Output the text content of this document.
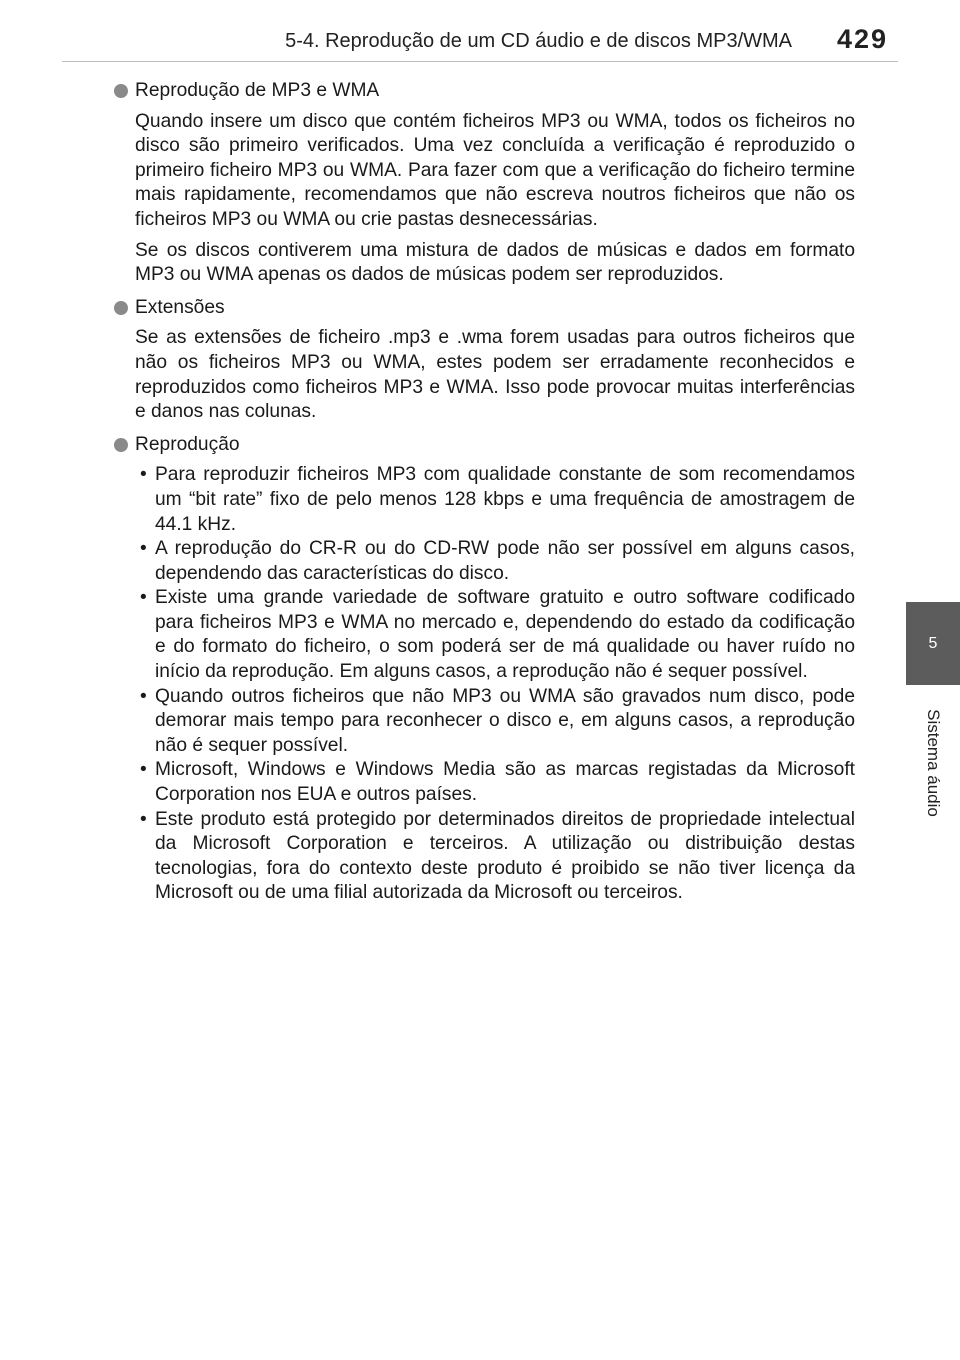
5-4. Reprodução de um CD áudio e de discos MP3/WMA 429
5
Sistema áudio

Reprodução de MP3 e WMA

Quando insere um disco que contém ficheiros MP3 ou WMA, todos os ficheiros no disco são primeiro verificados. Uma vez concluída a verificação é reproduzido o primeiro ficheiro MP3 ou WMA. Para fazer com que a verificação do ficheiro termine mais rapidamente, recomendamos que não escreva noutros ficheiros que não os ficheiros MP3 ou WMA ou crie pastas desnecessárias.

Se os discos contiverem uma mistura de dados de músicas e dados em formato MP3 ou WMA apenas os dados de músicas podem ser reproduzidos.

Extensões

Se as extensões de ficheiro .mp3 e .wma forem usadas para outros ficheiros que não os ficheiros MP3 ou WMA, estes podem ser erradamente reconhecidos e reproduzidos como ficheiros MP3 e WMA. Isso pode provocar muitas interferências e danos nas colunas.

Reprodução

• Para reproduzir ficheiros MP3 com qualidade constante de som recomendamos um “bit rate” fixo de pelo menos 128 kbps e uma frequência de amostragem de 44.1 kHz.
• A reprodução do CR-R ou do CD-RW pode não ser possível em alguns casos, dependendo das características do disco.
• Existe uma grande variedade de software gratuito e outro software codificado para ficheiros MP3 e WMA no mercado e, dependendo do estado da codificação e do formato do ficheiro, o som poderá ser de má qualidade ou haver ruído no início da reprodução. Em alguns casos, a reprodução não é sequer possível.
• Quando outros ficheiros que não MP3 ou WMA são gravados num disco, pode demorar mais tempo para reconhecer o disco e, em alguns casos, a reprodução não é sequer possível.
• Microsoft, Windows e Windows Media são as marcas registadas da Microsoft Corporation nos EUA e outros países.
• Este produto está protegido por determinados direitos de propriedade intelectual da Microsoft Corporation e terceiros. A utilização ou distribuição destas tecnologias, fora do contexto deste produto é proibido se não tiver licença da Microsoft ou de uma filial autorizada da Microsoft ou terceiros.
